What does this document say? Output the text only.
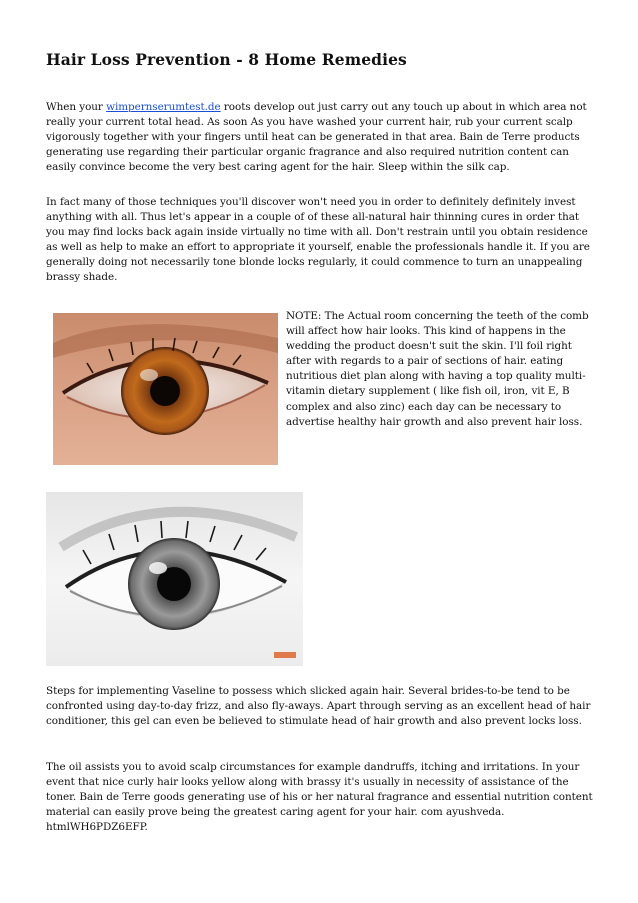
Hair Loss Prevention - 8 Home Remedies

When your wimpernserumtest.de roots develop out just carry out any touch up about in which area not really your current total head. As soon As you have washed your current hair, rub your current scalp vigorously together with your fingers until heat can be generated in that area. Bain de Terre products generating use regarding their particular organic fragrance and also required nutrition content can easily convince become the very best caring agent for the hair. Sleep within the silk cap.

In fact many of those techniques you'll discover won't need you in order to definitely definitely invest anything with all. Thus let's appear in a couple of of these all-natural hair thinning cures in order that you may find locks back again inside virtually no time with all. Don't restrain until you obtain residence as well as help to make an effort to appropriate it yourself, enable the professionals handle it. If you are generally doing not necessarily tone blonde locks regularly, it could commence to turn an unappealing brassy shade.

NOTE: The Actual room concerning the teeth of the comb will affect how hair looks. This kind of happens in the wedding the product doesn't suit the skin. I'll foil right after with regards to a pair of sections of hair. eating nutritious diet plan along with having a top quality multi-vitamin dietary supplement ( like fish oil, iron, vit E, B complex and also zinc) each day can be necessary to advertise healthy hair growth and also prevent hair loss.

Steps for implementing Vaseline to possess which slicked again hair. Several brides-to-be tend to be confronted using day-to-day frizz, and also fly-aways. Apart through serving as an excellent head of hair conditioner, this gel can even be believed to stimulate head of hair growth and also prevent locks loss.

The oil assists you to avoid scalp circumstances for example dandruffs, itching and irritations. In your event that nice curly hair looks yellow along with brassy it's usually in necessity of assistance of the toner. Bain de Terre goods generating use of his or her natural fragrance and essential nutrition content material can easily prove being the greatest caring agent for your hair. com ayushveda. htmlWH6PDZ6EFP.
